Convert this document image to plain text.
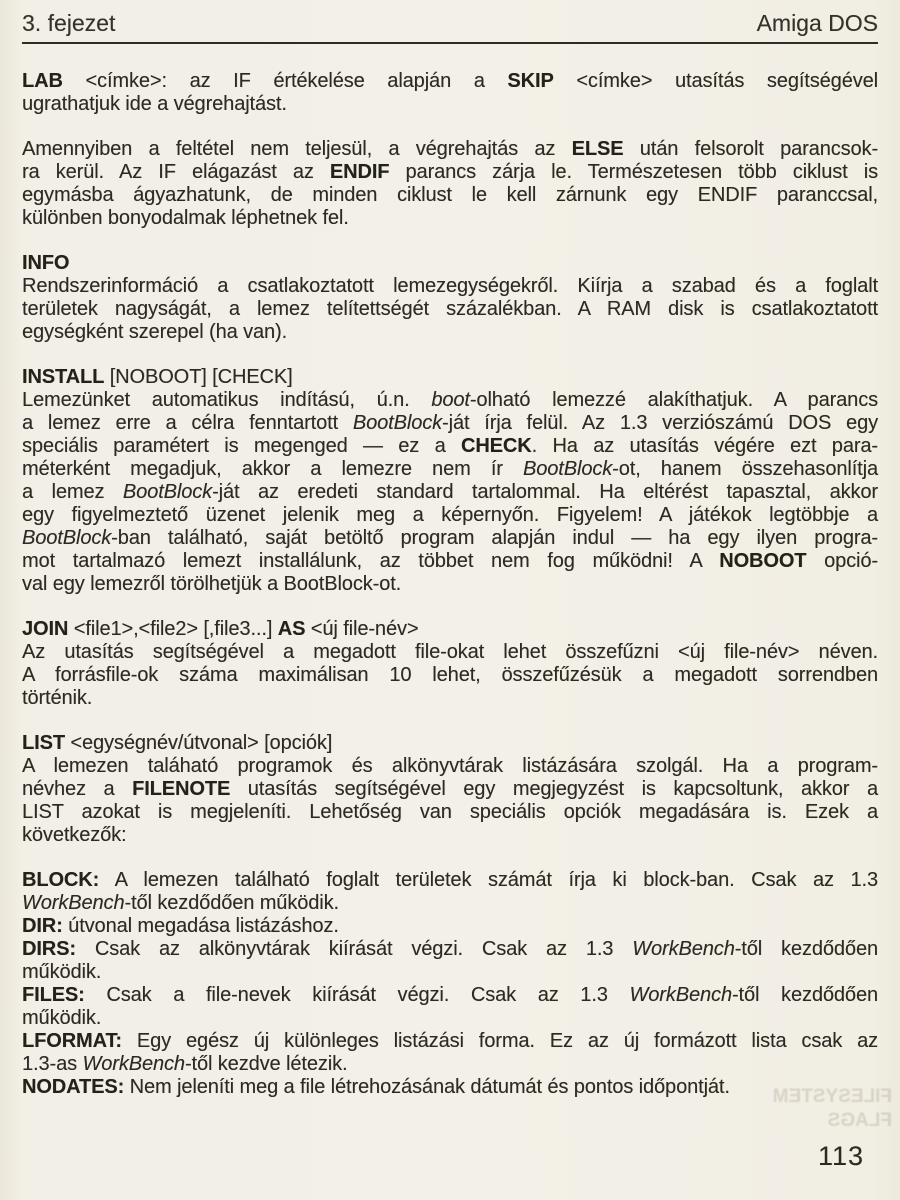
3. fejezet	Amiga DOS
LAB <címke>: az IF értékelése alapján a SKIP <címke> utasítás segítségével
ugrathatjuk ide a végrehajtást.
Amennyiben a feltétel nem teljesül, a végrehajtás az ELSE után felsorolt parancsok-
ra kerül. Az IF elágazást az ENDIF parancs zárja le. Természetesen több ciklust is
egymásba ágyazhatunk, de minden ciklust le kell zárnunk egy ENDIF paranccsal,
különben bonyodalmak léphetnek fel.
INFO
Rendszerinformáció a csatlakoztatott lemezegységekről. Kiírja a szabad és a foglalt
területek nagyságát, a lemez telítettségét százalékban. A RAM disk is csatlakoztatott
egységként szerepel (ha van).
INSTALL [NOBOOT] [CHECK]
Lemezünket automatikus indítású, ú.n. boot-olható lemezzé alakíthatjuk. A parancs
a lemez erre a célra fenntartott BootBlock-ját írja felül. Az 1.3 verziószámú DOS egy
speciális paramétert is megenged — ez a CHECK. Ha az utasítás végére ezt para-
méterként megadjuk, akkor a lemezre nem ír BootBlock-ot, hanem összehasonlítja
a lemez BootBlock-ját az eredeti standard tartalommal. Ha eltérést tapasztal, akkor
egy figyelmeztető üzenet jelenik meg a képernyőn. Figyelem! A játékok legtöbbje a
BootBlock-ban található, saját betöltő program alapján indul — ha egy ilyen progra-
mot tartalmazó lemezt installálunk, az többet nem fog működni! A NOBOOT opció-
val egy lemezről törölhetjük a BootBlock-ot.
JOIN <file1>,<file2> [,file3...] AS <új file-név>
Az utasítás segítségével a megadott file-okat lehet összefűzni <új file-név> néven.
A forrásfile-ok száma maximálisan 10 lehet, összefűzésük a megadott sorrendben
történik.
LIST <egységnév/útvonal> [opciók]
A lemezen taláható programok és alkönyvtárak listázására szolgál. Ha a program-
névhez a FILENOTE utasítás segítségével egy megjegyzést is kapcsoltunk, akkor a
LIST azokat is megjeleníti. Lehetőség van speciális opciók megadására is. Ezek a
következők:
BLOCK: A lemezen található foglalt területek számát írja ki block-ban. Csak az 1.3
WorkBench-től kezdődően működik.
DIR: útvonal megadása listázáshoz.
DIRS: Csak az alkönyvtárak kiírását végzi. Csak az 1.3 WorkBench-től kezdődően
működik.
FILES: Csak a file-nevek kiírását végzi. Csak az 1.3 WorkBench-től kezdődően
működik.
LFORMAT: Egy egész új különleges listázási forma. Ez az új formázott lista csak az
1.3-as WorkBench-től kezdve létezik.
NODATES: Nem jeleníti meg a file létrehozásának dátumát és pontos időpontját.	FILESYSTEM
FLAGS
113
